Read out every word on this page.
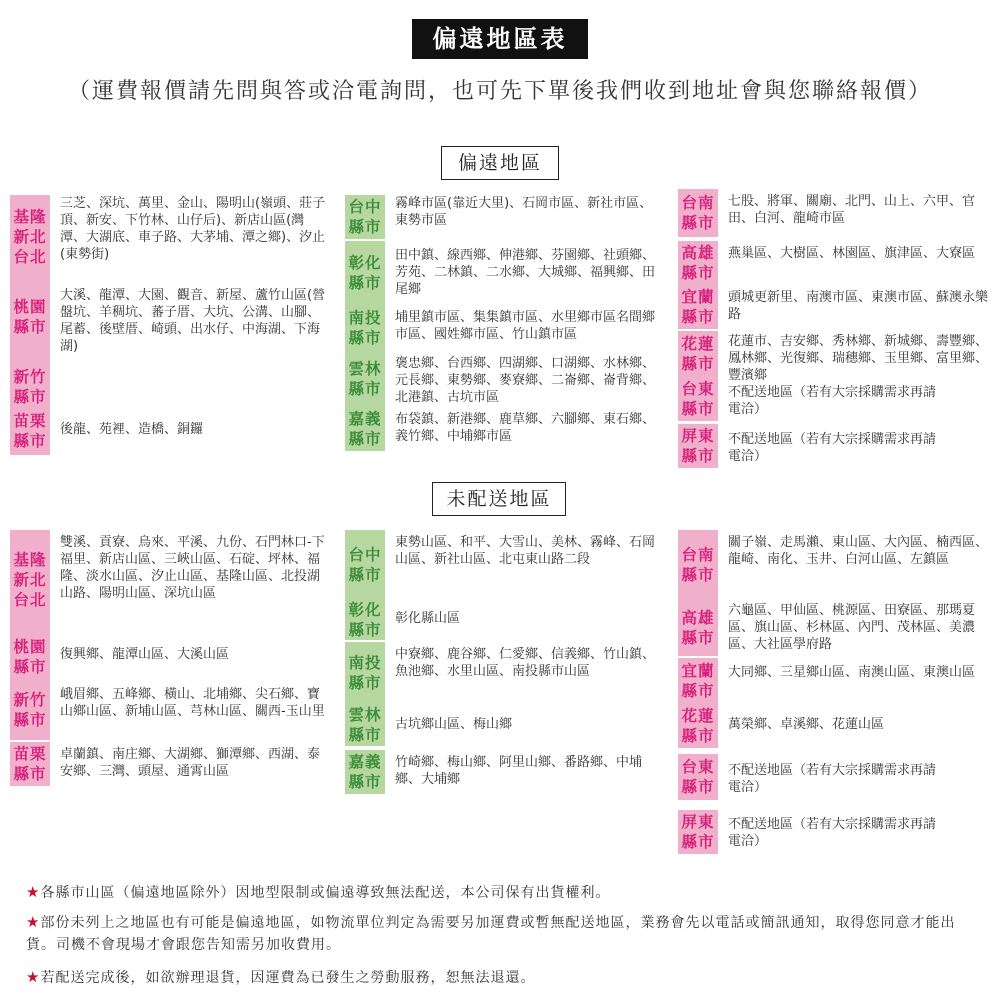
偏遠地區表
（運費報價請先問與答或洽電詢問，也可先下單後我們收到地址會與您聯絡報價）
偏遠地區
基隆新北台北
三芝、深坑、萬里、金山、陽明山(嶺頭、莊子頂、新安、下竹林、山仔后)、新店山區(灣潭、大湖底、車子路、大茅埔、潭之鄉)、汐止(東勢街)
桃園縣市
大溪、龍潭、大園、觀音、新屋、蘆竹山區(營盤坑、羊稠坑、蕃子厝、大坑、公溝、山腳、尾蓄、後壁厝、崎頭、出水仔、中海湖、下海湖)
新竹縣市
苗栗縣市
後龍、苑裡、造橋、銅鑼
台中縣市
霧峰市區(靠近大里)、石岡市區、新社市區、東勢市區
彰化縣市
田中鎮、線西鄉、伸港鄉、芬園鄉、社頭鄉、芳苑、二林鎮、二水鄉、大城鄉、福興鄉、田尾鄉
南投縣市
埔里鎮市區、集集鎮市區、水里鄉市區名間鄉市區、國姓鄉市區、竹山鎮市區
雲林縣市
褒忠鄉、台西鄉、四湖鄉、口湖鄉、水林鄉、元長鄉、東勢鄉、麥寮鄉、二崙鄉、崙背鄉、北港鎮、古坑市區
嘉義縣市
布袋鎮、新港鄉、鹿草鄉、六腳鄉、東石鄉、義竹鄉、中埔鄉市區
台南縣市
七股、將軍、關廟、北門、山上、六甲、官田、白河、龍崎市區
高雄縣市
燕巢區、大樹區、林園區、旗津區、大寮區
宜蘭縣市
頭城更新里、南澳市區、東澳市區、蘇澳永樂路
花蓮縣市
花蓮市、吉安鄉、秀林鄉、新城鄉、壽豐鄉、鳳林鄉、光復鄉、瑞穗鄉、玉里鄉、富里鄉、豐濱鄉
台東縣市
不配送地區（若有大宗採購需求再請電洽）
屏東縣市
不配送地區（若有大宗採購需求再請電洽）
未配送地區
基隆新北台北
雙溪、貢寮、烏來、平溪、九份、石門林口-下福里、新店山區、三峽山區、石碇、坪林、福隆、淡水山區、汐止山區、基隆山區、北投湖山路、陽明山區、深坑山區
桃園縣市
復興鄉、龍潭山區、大溪山區
新竹縣市
峨眉鄉、五峰鄉、橫山、北埔鄉、尖石鄉、寶山鄉山區、新埔山區、芎林山區、關西-玉山里
苗栗縣市
卓蘭鎮、南庄鄉、大湖鄉、獅潭鄉、西湖、泰安鄉、三灣、頭屋、通霄山區
台中縣市
東勢山區、和平、大雪山、美林、霧峰、石岡山區、新社山區、北屯東山路二段
彰化縣市
彰化縣山區
南投縣市
中寮鄉、鹿谷鄉、仁愛鄉、信義鄉、竹山鎮、魚池鄉、水里山區、南投縣市山區
雲林縣市
古坑鄉山區、梅山鄉
嘉義縣市
竹崎鄉、梅山鄉、阿里山鄉、番路鄉、中埔鄉、大埔鄉
台南縣市
關子嶺、走馬瀨、東山區、大內區、楠西區、龍崎、南化、玉井、白河山區、左鎮區
高雄縣市
六龜區、甲仙區、桃源區、田寮區、那瑪夏區、旗山區、杉林區、內門、茂林區、美濃區、大社區學府路
宜蘭縣市
大同鄉、三星鄉山區、南澳山區、東澳山區
花蓮縣市
萬榮鄉、卓溪鄉、花蓮山區
台東縣市
不配送地區（若有大宗採購需求再請電洽）
屏東縣市
不配送地區（若有大宗採購需求再請電洽）
★各縣市山區（偏遠地區除外）因地型限制或偏遠導致無法配送，本公司保有出貨權利。
★部份未列上之地區也有可能是偏遠地區，如物流單位判定為需要另加運費或暫無配送地區，業務會先以電話或簡訊通知，取得您同意才能出貨。司機不會現場才會跟您告知需另加收費用。
★若配送完成後，如欲辦理退貨，因運費為已發生之勞動服務，恕無法退還。
